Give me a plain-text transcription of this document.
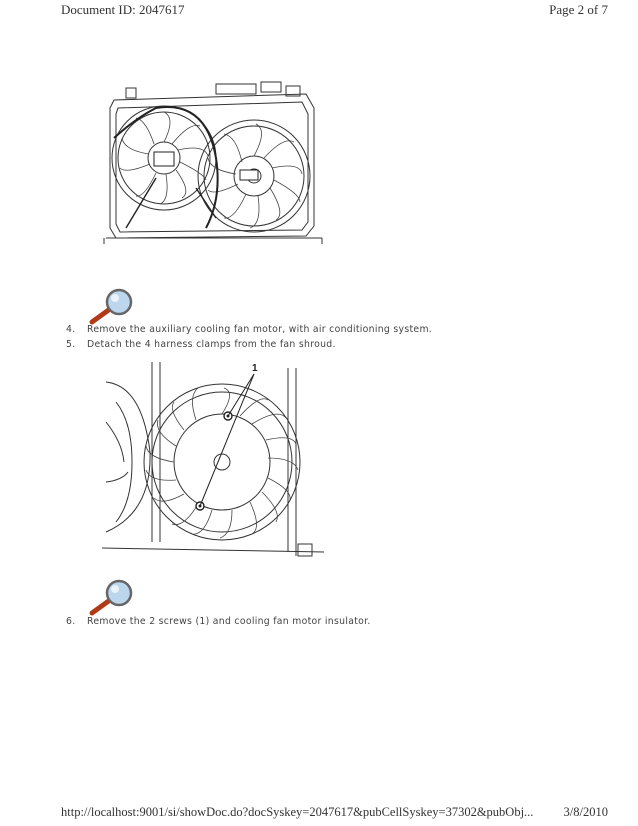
Document ID: 2047617	Page 2 of 7
4. Remove the auxiliary cooling fan motor, with air conditioning system.
5. Detach the 4 harness clamps from the fan shroud.
1
6. Remove the 2 screws (1) and cooling fan motor insulator.
http://localhost:9001/si/showDoc.do?docSyskey=2047617&pubCellSyskey=37302&pubObj... 3/8/2010
